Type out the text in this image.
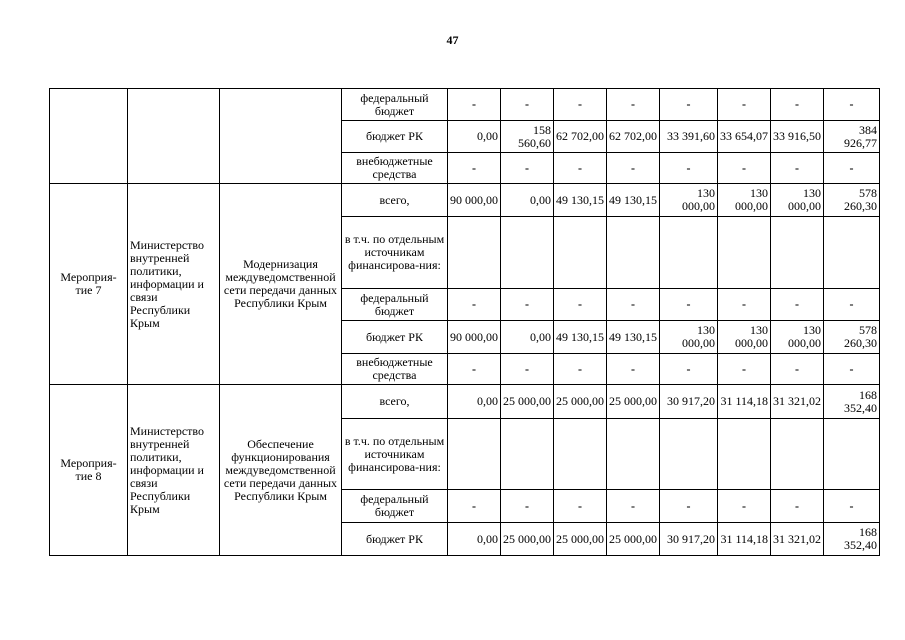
47
			федеральный бюджет	-	-	-	-	-	-	-	-
			бюджет РК	0,00	158 560,60	62 702,00	62 702,00	33 391,60	33 654,07	33 916,50	384 926,77
			внебюджетные средства	-	-	-	-	-	-	-	-
Мероприя-тие 7	Министерство внутренней политики, информации и связи Республики Крым	Модернизация междуведомственной сети передачи данных Республики Крым	всего,	90 000,00	0,00	49 130,15	49 130,15	130 000,00	130 000,00	130 000,00	578 260,30
			в т.ч. по отдельным источникам финансирова-ния:								
			федеральный бюджет	-	-	-	-	-	-	-	-
			бюджет РК	90 000,00	0,00	49 130,15	49 130,15	130 000,00	130 000,00	130 000,00	578 260,30
			внебюджетные средства	-	-	-	-	-	-	-	-
Мероприя-тие 8	Министерство внутренней политики, информации и связи Республики Крым	Обеспечение функционирования междуведомственной сети передачи данных Республики Крым	всего,	0,00	25 000,00	25 000,00	25 000,00	30 917,20	31 114,18	31 321,02	168 352,40
			в т.ч. по отдельным источникам финансирова-ния:								
			федеральный бюджет	-	-	-	-	-	-	-	-
			бюджет РК	0,00	25 000,00	25 000,00	25 000,00	30 917,20	31 114,18	31 321,02	168 352,40
